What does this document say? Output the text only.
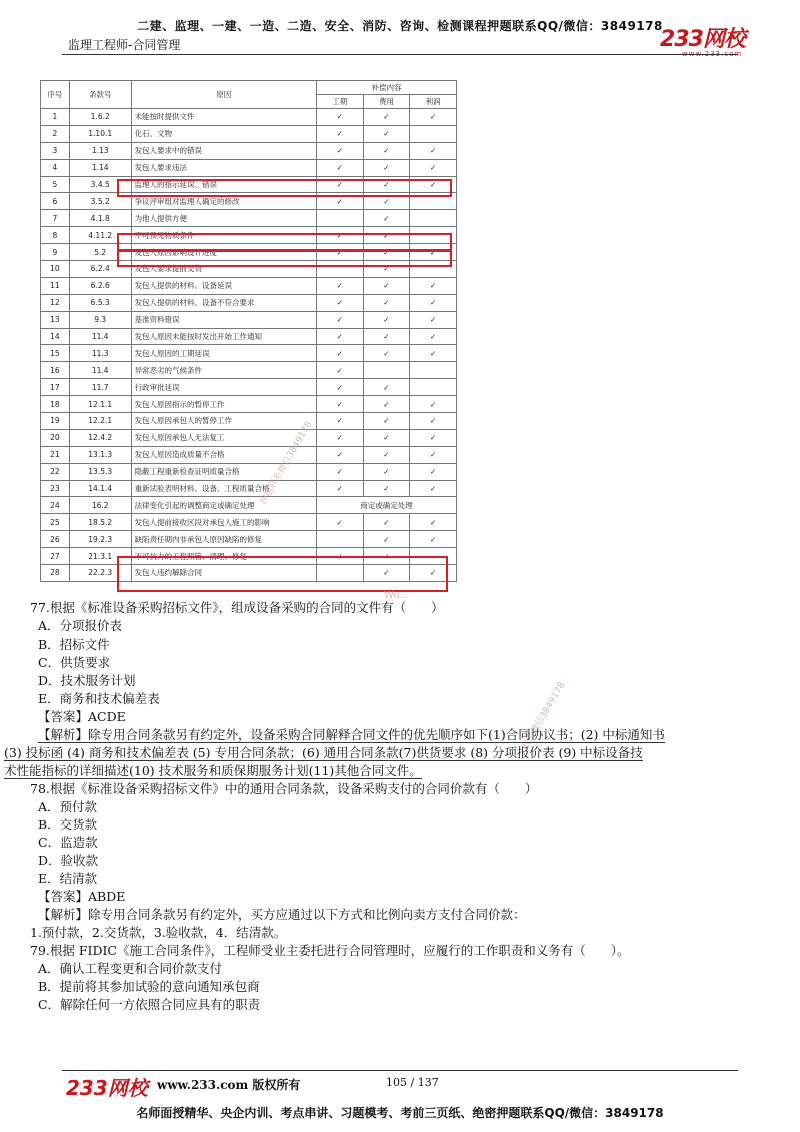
二建、监理、一建、一造、二造、安全、消防、咨询、检测课程押题联系QQ/微信：3849178
监理工程师-合同管理	233网校
www.233.com
序号	条款号	原因	补偿内容		
			工期	费用	利润
1	1.6.2	未能按时提供文件	✓	✓	✓
2	1.10.1	化石、文物	✓	✓	
3	1.13	发包人要求中的错误	✓	✓	✓
4	1.14	发包人要求违法	✓	✓	✓
5	3.4.5	监理人的指示延误、错误	✓	✓	✓
6	3.5.2	争议评审组对监理人确定的修改	✓	✓	
7	4.1.8	为他人提供方便		✓	
8	4.11.2	不可预见物质条件	✓	✓	
9	5.2	发包人原因影响设计进度	✓	✓	✓
10	6.2.4	发包人要求提前交货		✓	
11	6.2.6	发包人提供的材料、设备延误	✓	✓	✓
12	6.5.3	发包人提供的材料、设备不符合要求	✓	✓	✓
13	9.3	基准资料错误	✓	✓	✓
14	11.4	发包人原因未能按时发出开始工作通知	✓	✓	✓
15	11.3	发包人原因的工期延误	✓	✓	✓
16	11.4	异常恶劣的气候条件	✓		
17	11.7	行政审批延误	✓	✓	
18	12.1.1	发包人原因指示的暂停工作	✓	✓	✓
19	12.2.1	发包人原因承包人的暂停工作	✓	✓	✓
20	12.4.2	发包人原因承包人无法复工	✓	✓	✓
21	13.1.3	发包人原因造成质量不合格	✓	✓	✓
22	13.5.3	隐蔽工程重新检查证明质量合格	✓	✓	✓
23	14.1.4	重新试验表明材料、设备、工程质量合格	✓	✓	✓
24	16.2	法律变化引起的调整商定或确定处理	商定或确定处理		
25	18.5.2	发包人提前接收区段对承包人施工的影响	✓	✓	✓
26	19.2.3	缺陷责任期内非承包人原因缺陷的修复		✓	✓
27	21.3.1	不可抗力的工程照管、清理、修复	✓	✓	
28	22.2.3	发包人违约解除合同		✓	✓
押题联系微信3849178
联系微信3849178
Wu...
77.根据《标准设备采购招标文件》，组成设备采购的合同的文件有（　　）
A．分项报价表
B．招标文件
C．供货要求
D．技术服务计划
E．商务和技术偏差表
【答案】ACDE
【解析】除专用合同条款另有约定外，设备采购合同解释合同文件的优先顺序如下(1)合同协议书；(2) 中标通知书
(3) 投标函 (4) 商务和技术偏差表 (5) 专用合同条款；(6) 通用合同条款(7)供货要求 (8) 分项报价表 (9) 中标设备技
术性能指标的详细描述(10) 技术服务和质保期服务计划(11)其他合同文件。
78.根据《标准设备采购招标文件》中的通用合同条款，设备采购支付的合同价款有（　　）
A．预付款
B．交货款
C．监造款
D．验收款
E．结清款
【答案】ABDE
【解析】除专用合同条款另有约定外，买方应通过以下方式和比例向卖方支付合同价款：
1.预付款，2.交货款，3.验收款，4．结清款。
79.根据 FIDIC《施工合同条件》，工程师受业主委托进行合同管理时，应履行的工作职责和义务有（　　）。
A．确认工程变更和合同价款支付
B．提前将其参加试验的意向通知承包商
C．解除任何一方依照合同应具有的职责
233网校 www.233.com 版权所有	105 / 137
名师面授精华、央企内训、考点串讲、习题模考、考前三页纸、绝密押题联系QQ/微信：3849178
